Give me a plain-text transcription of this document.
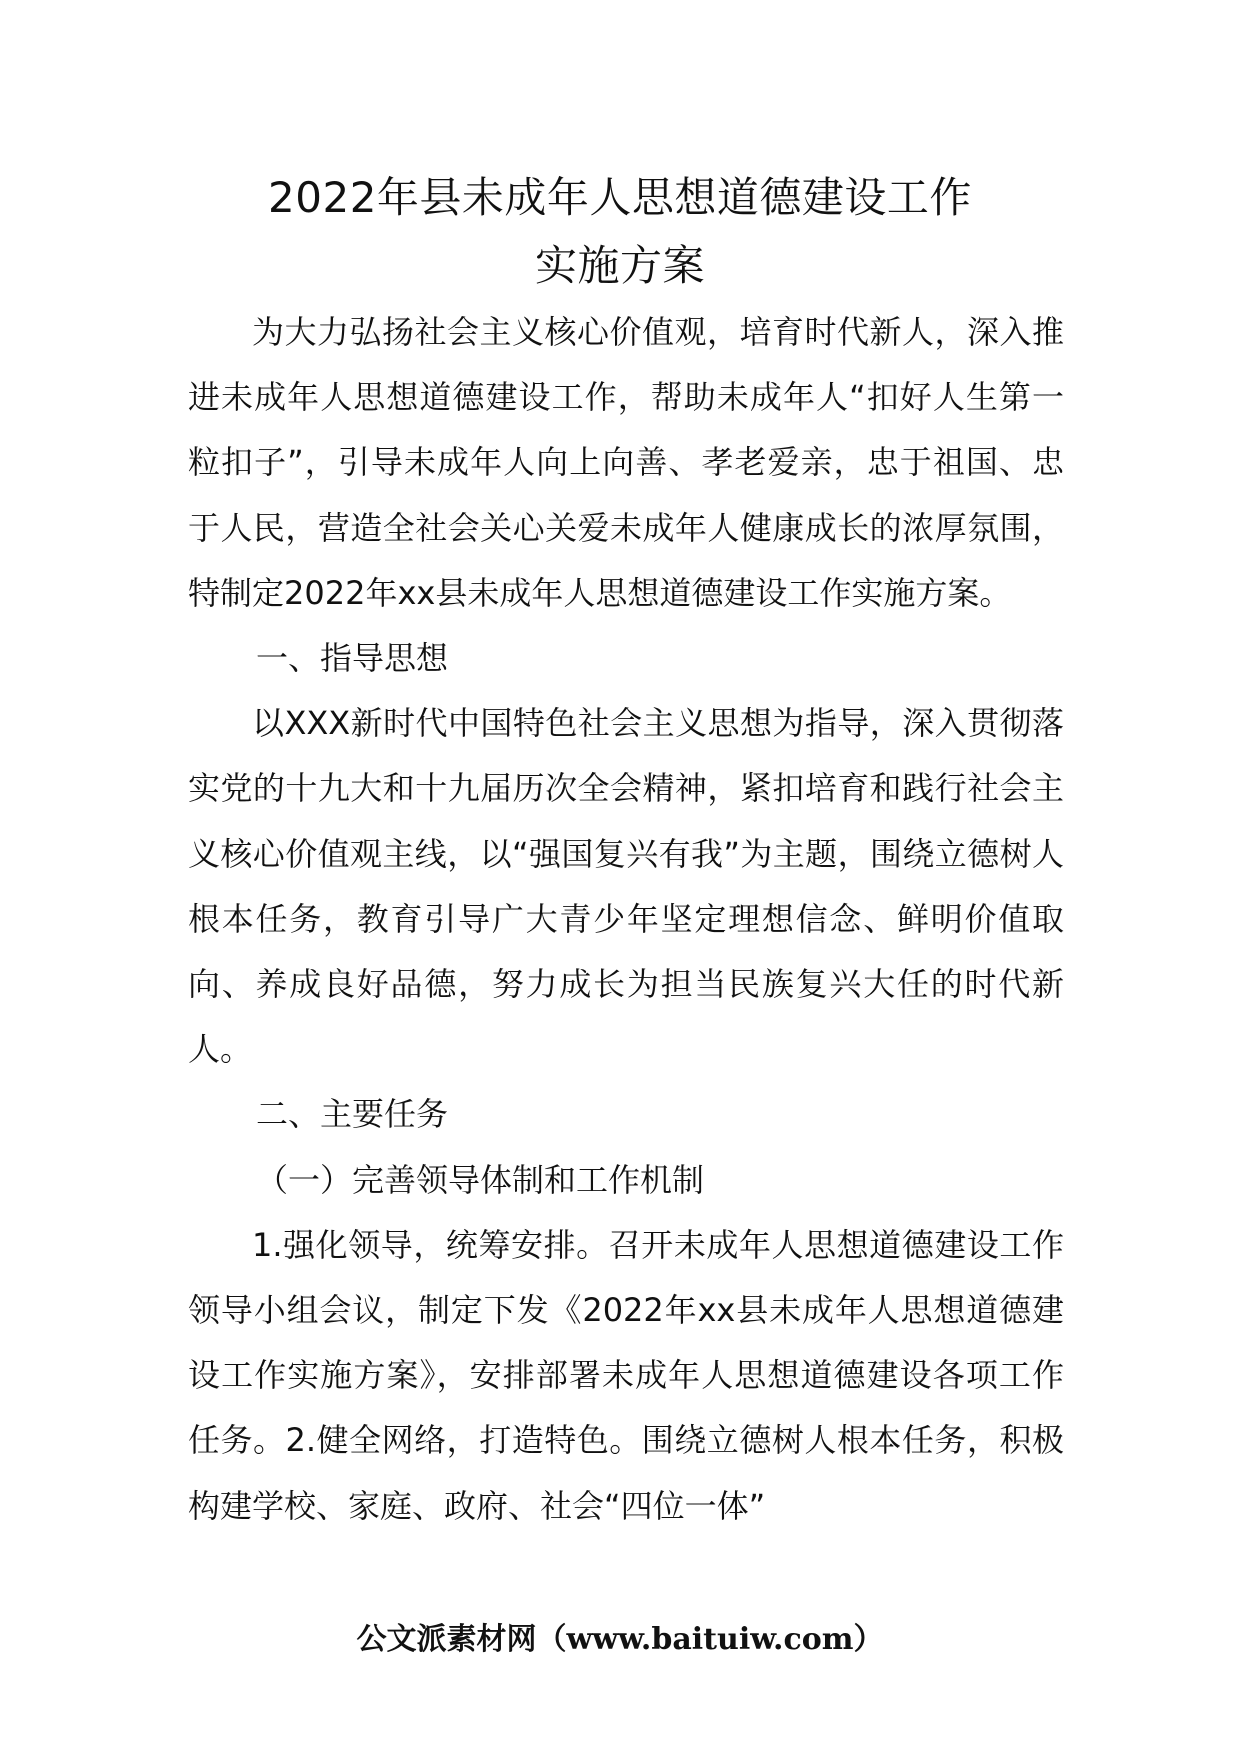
2022年县未成年人思想道德建设工作
实施方案

为大力弘扬社会主义核心价值观，培育时代新人，深入推进未成年人思想道德建设工作，帮助未成年人“扣好人生第一粒扣子”，引导未成年人向上向善、孝老爱亲，忠于祖国、忠于人民，营造全社会关心关爱未成年人健康成长的浓厚氛围，特制定2022年xx县未成年人思想道德建设工作实施方案。

一、指导思想

以XXX新时代中国特色社会主义思想为指导，深入贯彻落实党的十九大和十九届历次全会精神，紧扣培育和践行社会主义核心价值观主线，以“强国复兴有我”为主题，围绕立德树人根本任务，教育引导广大青少年坚定理想信念、鲜明价值取向、养成良好品德，努力成长为担当民族复兴大任的时代新人。

二、主要任务

（一）完善领导体制和工作机制

1.强化领导，统筹安排。召开未成年人思想道德建设工作领导小组会议，制定下发《2022年xx县未成年人思想道德建设工作实施方案》，安排部署未成年人思想道德建设各项工作任务。2.健全网络，打造特色。围绕立德树人根本任务，积极构建学校、家庭、政府、社会“四位一体”

公文派素材网（www.baituiw.com）
